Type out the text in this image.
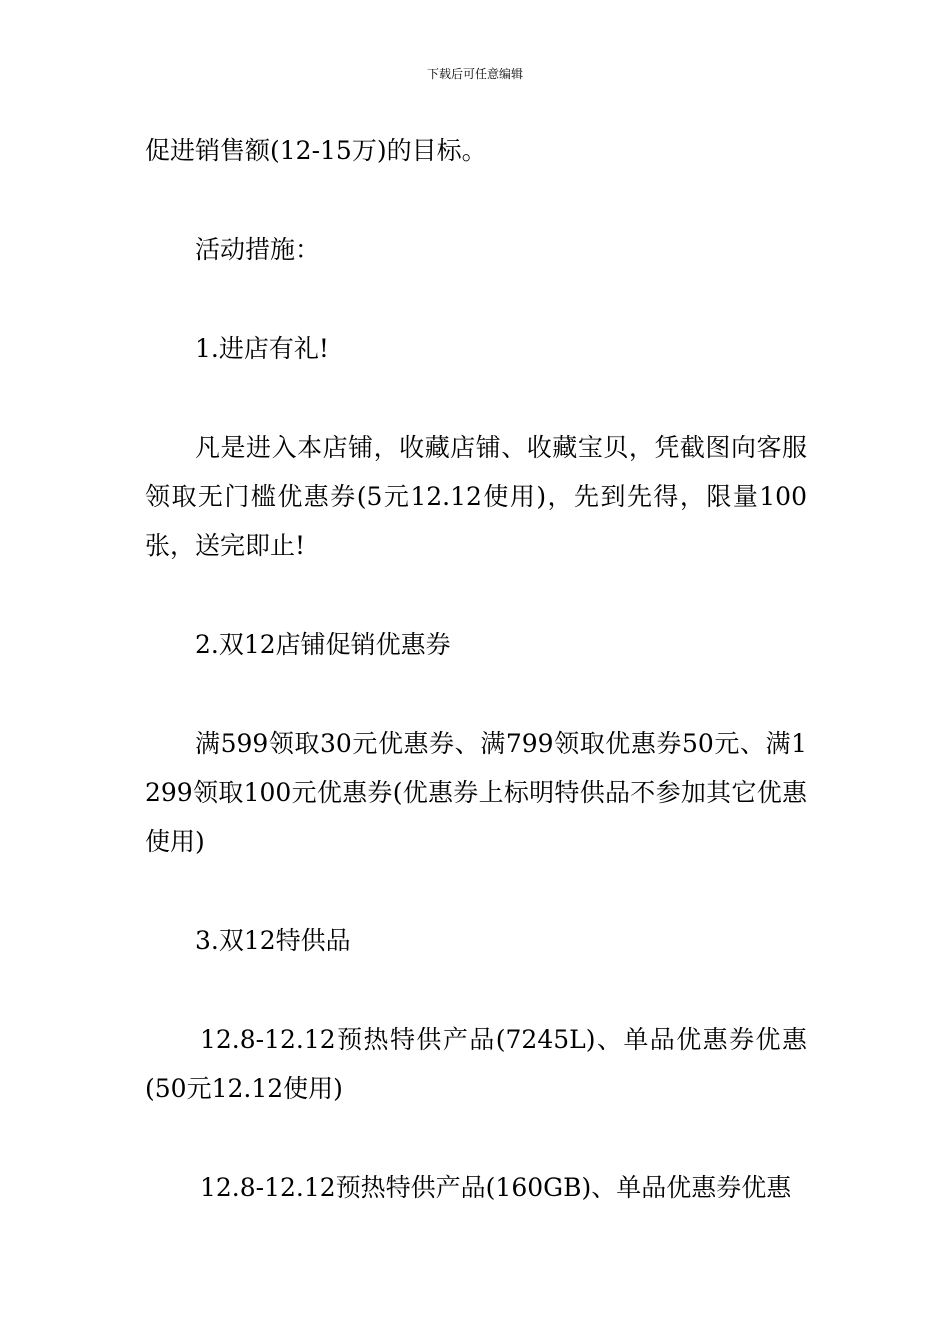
下载后可任意编辑

促进销售额(12-15万)的目标。

活动措施：

1.进店有礼!

凡是进入本店铺，收藏店铺、收藏宝贝，凭截图向客服领取无门槛优惠券(5元12.12使用)，先到先得，限量100张，送完即止!

2.双12店铺促销优惠券

满599领取30元优惠券、满799领取优惠券50元、满1299领取100元优惠券(优惠券上标明特供品不参加其它优惠使用)

3.双12特供品

12.8-12.12预热特供产品(7245L)、单品优惠券优惠(50元12.12使用)

12.8-12.12预热特供产品(160GB)、单品优惠券优惠
